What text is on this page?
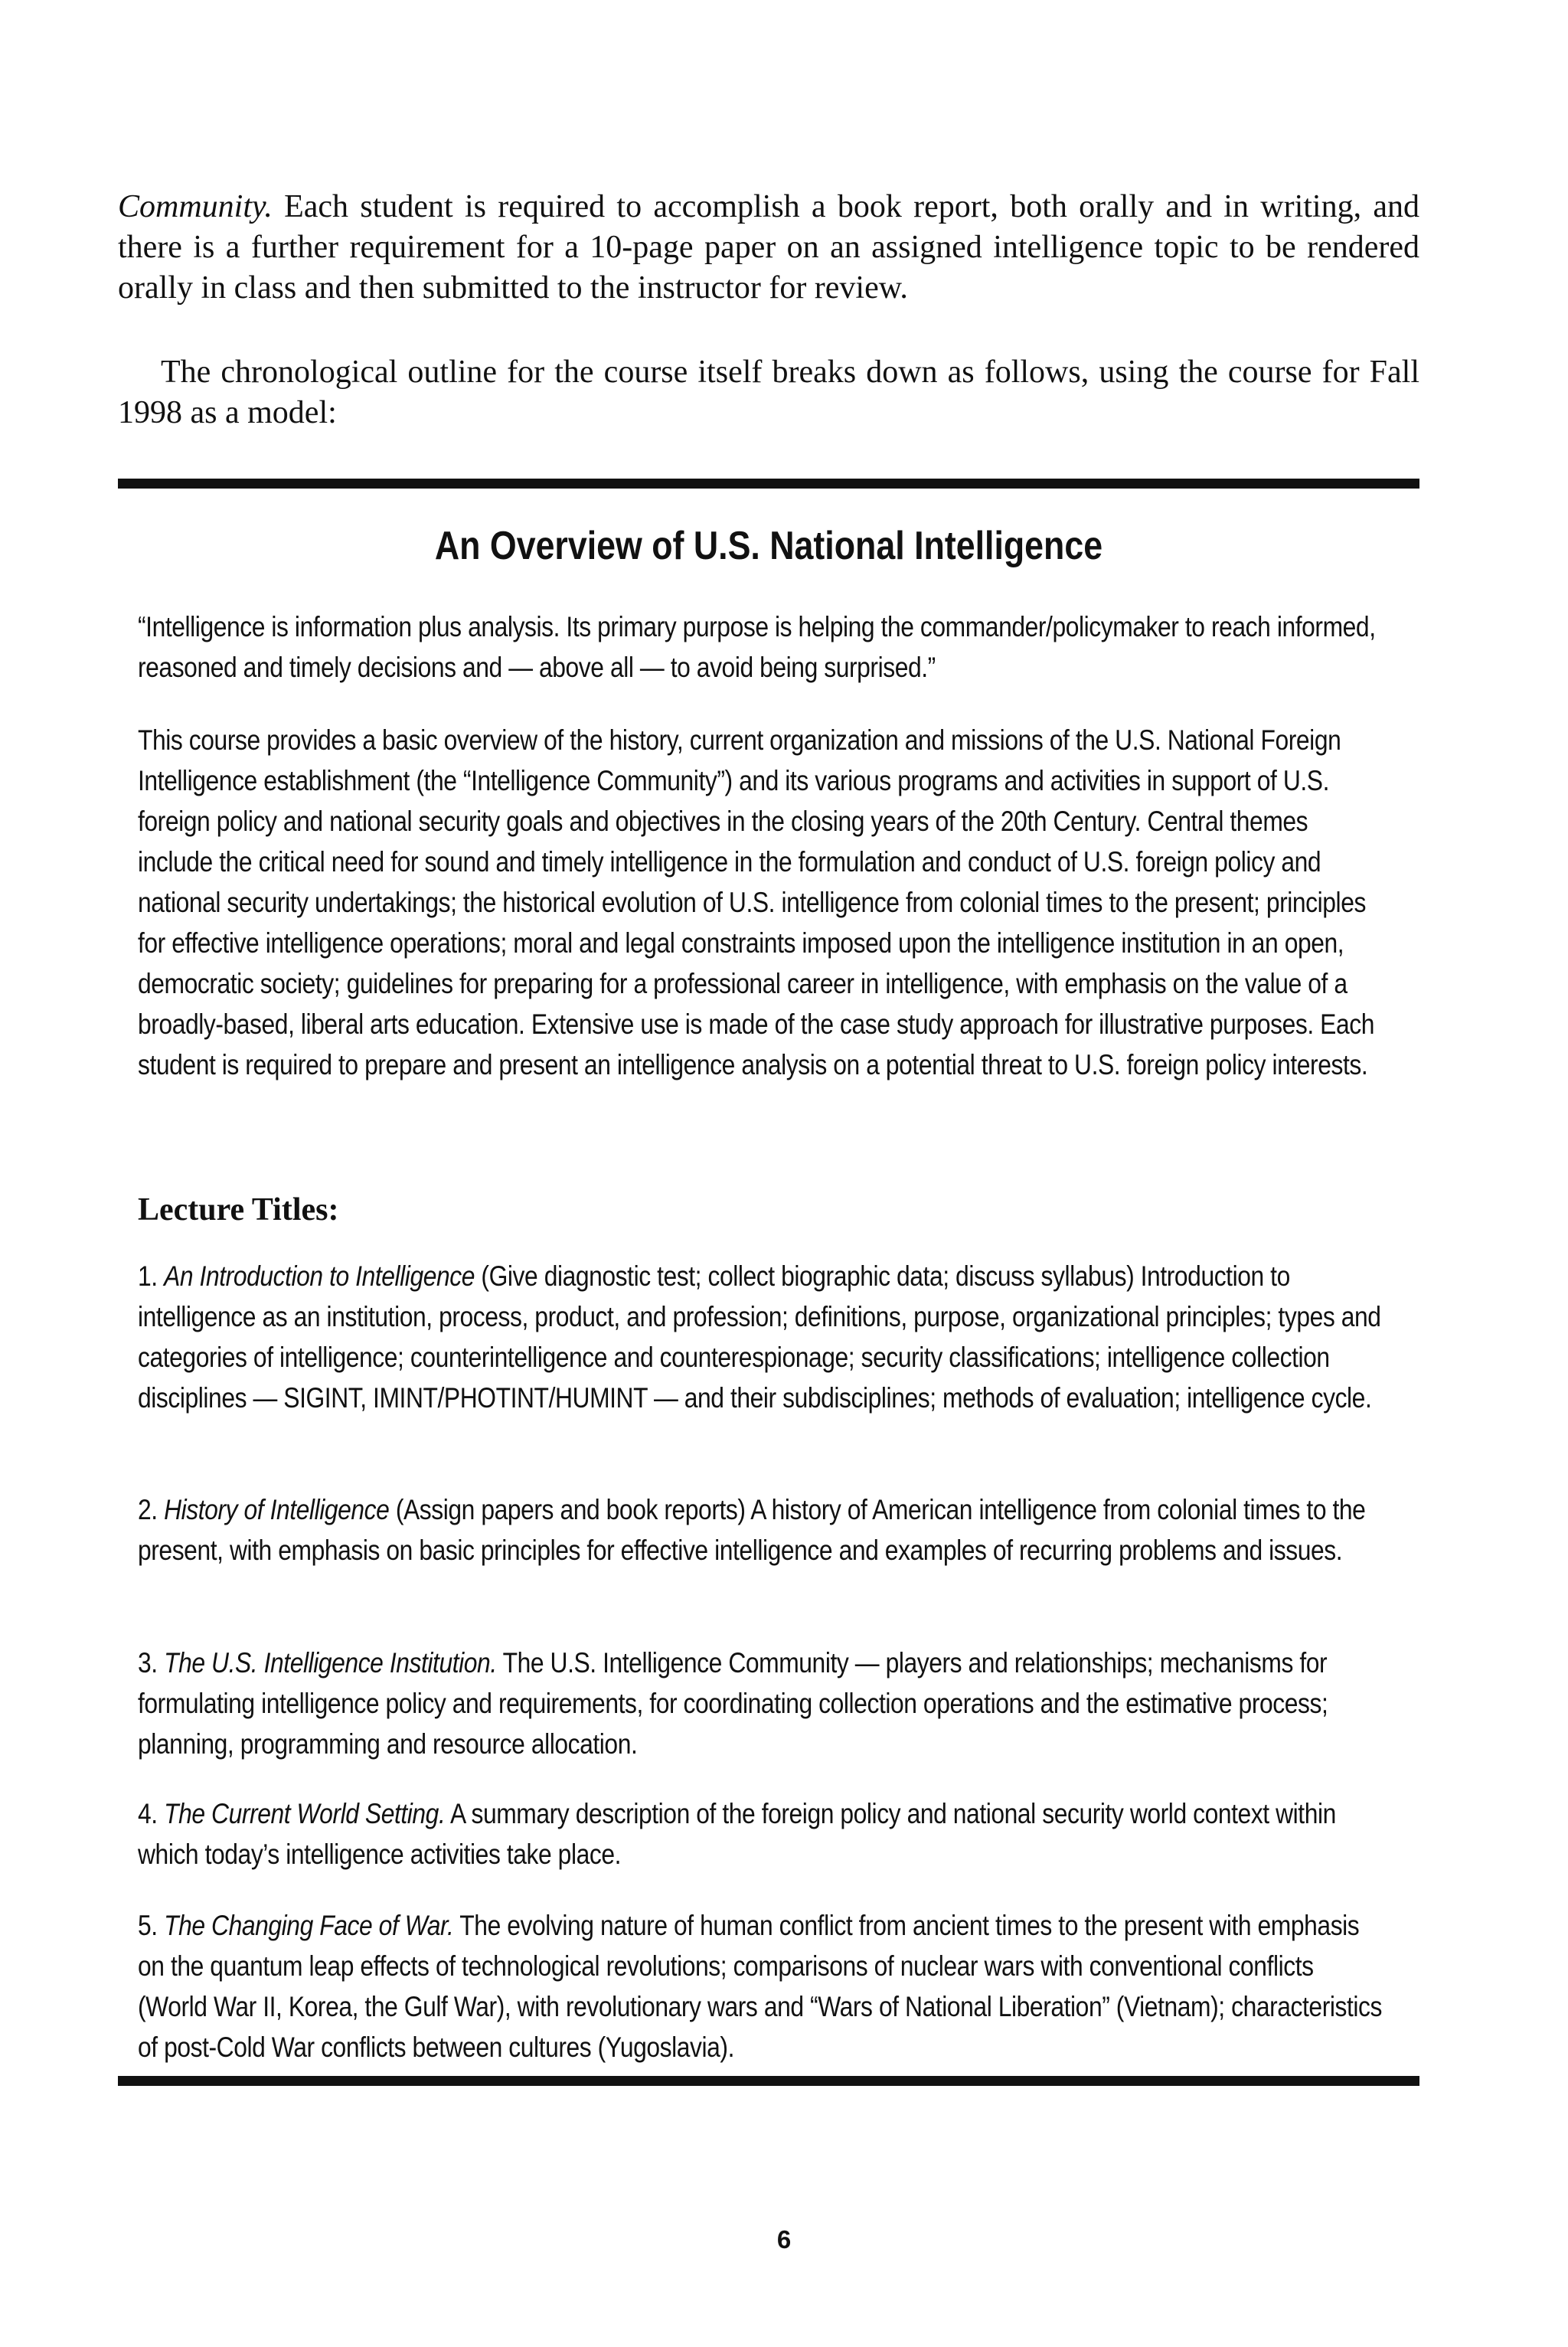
Community. Each student is required to accomplish a book report, both orally and in writing, and there is a further requirement for a 10-page paper on an assigned intelligence topic to be rendered orally in class and then submitted to the instructor for review.

The chronological outline for the course itself breaks down as follows, using the course for Fall 1998 as a model:

An Overview of U.S. National Intelligence

“Intelligence is information plus analysis. Its primary purpose is helping the commander/policymaker to reach informed, reasoned and timely decisions and — above all — to avoid being surprised.”

This course provides a basic overview of the history, current organization and missions of the U.S. National Foreign Intelligence establishment (the “Intelligence Community”) and its various programs and activities in support of U.S. foreign policy and national security goals and objectives in the closing years of the 20th Century. Central themes include the critical need for sound and timely intelligence in the formulation and conduct of U.S. foreign policy and national security undertakings; the historical evolution of U.S. intelligence from colonial times to the present; principles for effective intelligence operations; moral and legal constraints imposed upon the intelligence institution in an open, democratic society; guidelines for preparing for a professional career in intelligence, with emphasis on the value of a broadly-based, liberal arts education. Extensive use is made of the case study approach for illustrative purposes. Each student is required to prepare and present an intelligence analysis on a potential threat to U.S. foreign policy interests.

Lecture Titles:

1. An Introduction to Intelligence (Give diagnostic test; collect biographic data; discuss syllabus) Introduction to intelligence as an institution, process, product, and profession; definitions, purpose, organizational principles; types and categories of intelligence; counterintelligence and counterespionage; security classifications; intelligence collection disciplines — SIGINT, IMINT/PHOTINT/HUMINT — and their subdisciplines; methods of evaluation; intelligence cycle.

2. History of Intelligence (Assign papers and book reports) A history of American intelligence from colonial times to the present, with emphasis on basic principles for effective intelligence and examples of recurring problems and issues.

3. The U.S. Intelligence Institution. The U.S. Intelligence Community — players and relationships; mechanisms for formulating intelligence policy and requirements, for coordinating collection operations and the estimative process; planning, programming and resource allocation.

4. The Current World Setting. A summary description of the foreign policy and national security world context within which today’s intelligence activities take place.

5. The Changing Face of War. The evolving nature of human conflict from ancient times to the present with emphasis on the quantum leap effects of technological revolutions; comparisons of nuclear wars with conventional conflicts (World War II, Korea, the Gulf War), with revolutionary wars and “Wars of National Liberation” (Vietnam); characteristics of post-Cold War conflicts between cultures (Yugoslavia).

6
